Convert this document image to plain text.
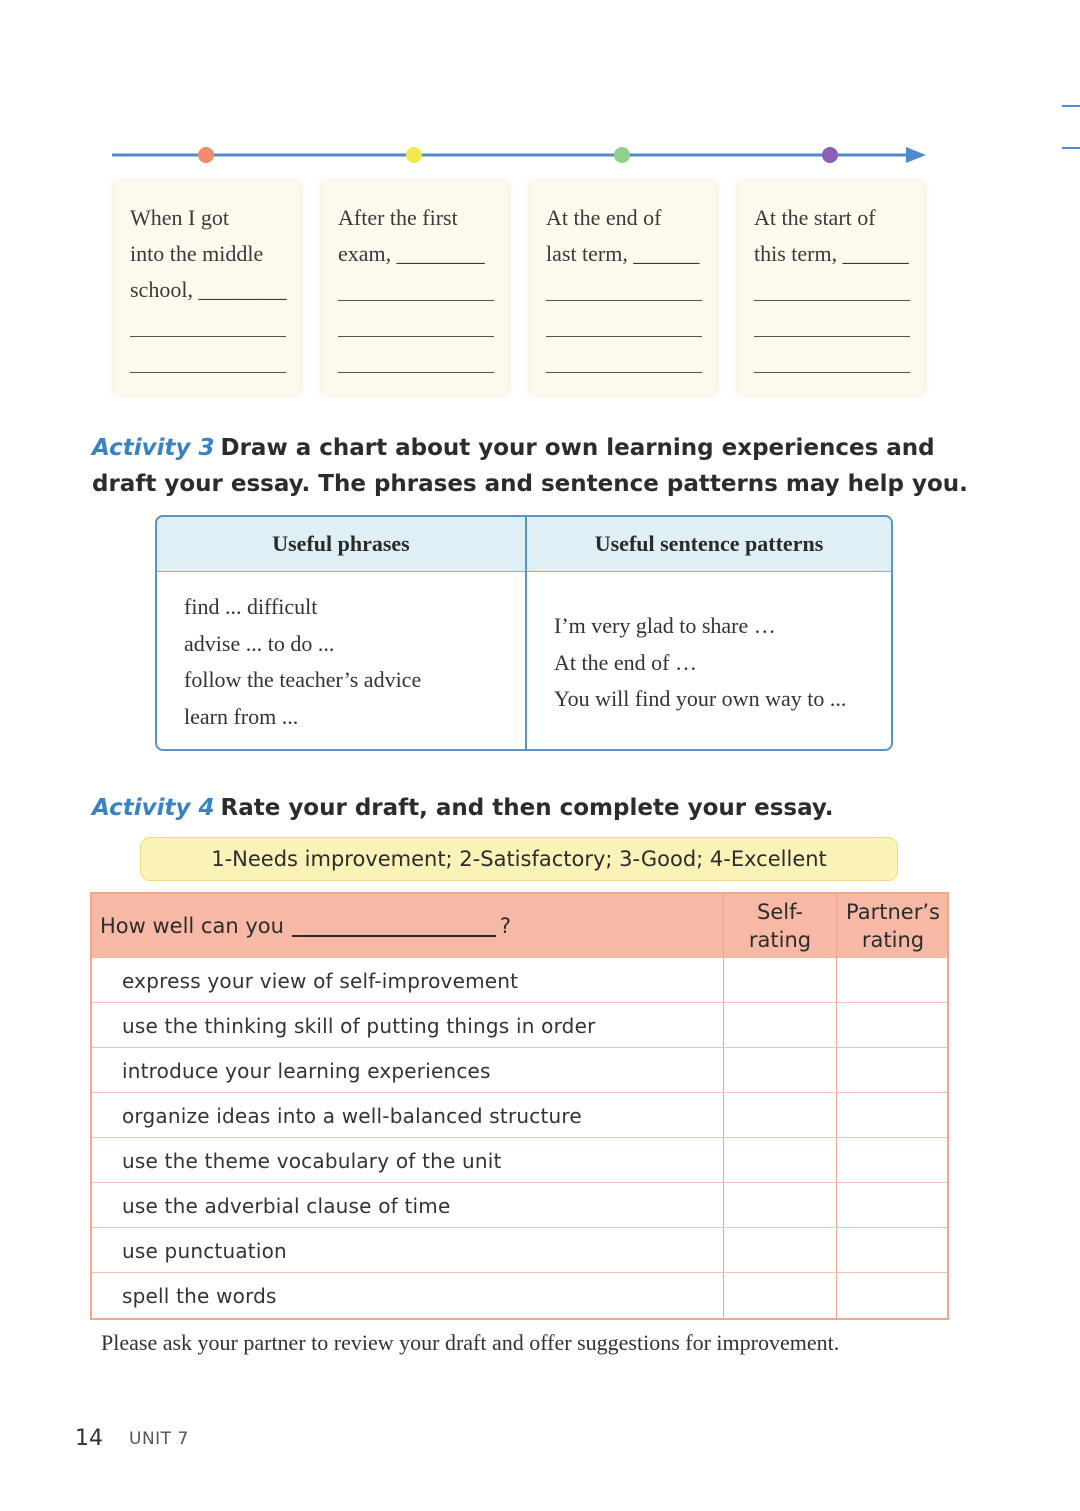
When I got
into the middle
school, ________
After the first
exam, ________
At the end of
last term, ______
At the start of
this term, ______
Activity 3 Draw a chart about your own learning experiences and draft your essay. The phrases and sentence patterns may help you.
Useful phrases	Useful sentence patterns
find ... difficult
advise ... to do ...
follow the teacher’s advice
learn from ...
I’m very glad to share …
At the end of …
You will find your own way to ...
Activity 4 Rate your draft, and then complete your essay.
1-Needs improvement; 2-Satisfactory; 3-Good; 4-Excellent
How well can you	?
Self-
rating
Partner’s
rating
express your view of self-improvement
use the thinking skill of putting things in order
introduce your learning experiences
organize ideas into a well-balanced structure
use the theme vocabulary of the unit
use the adverbial clause of time
use punctuation
spell the words
Please ask your partner to review your draft and offer suggestions for improvement.
14 UNIT 7
